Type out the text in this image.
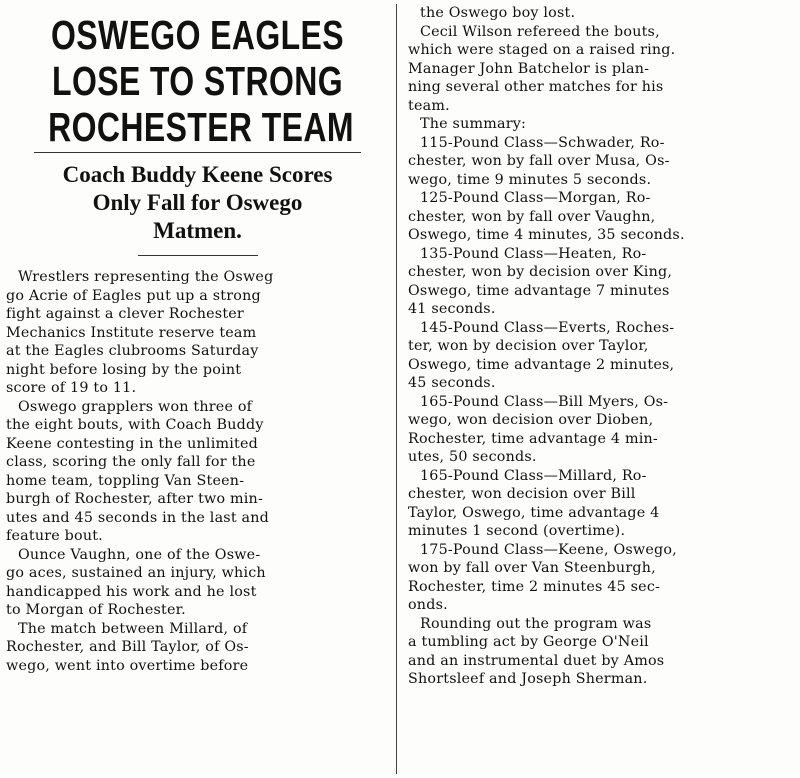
OSWEGO EAGLES
LOSE TO STRONG
ROCHESTER TEAM
Coach Buddy Keene Scores
Only Fall for Oswego
Matmen.

Wrestlers representing the Osweg
go Acrie of Eagles put up a strong
fight against a clever Rochester
Mechanics Institute reserve team
at the Eagles clubrooms Saturday
night before losing by the point
score of 19 to 11.

Oswego grapplers won three of
the eight bouts, with Coach Buddy
Keene contesting in the unlimited
class, scoring the only fall for the
home team, toppling Van Steen-
burgh of Rochester, after two min-
utes and 45 seconds in the last and
feature bout.

Ounce Vaughn, one of the Oswe-
go aces, sustained an injury, which
handicapped his work and he lost
to Morgan of Rochester.

The match between Millard, of
Rochester, and Bill Taylor, of Os-
wego, went into overtime before

the Oswego boy lost.

Cecil Wilson refereed the bouts,
which were staged on a raised ring.
Manager John Batchelor is plan-
ning several other matches for his
team.

The summary:

115-Pound Class—Schwader, Ro-
chester, won by fall over Musa, Os-
wego, time 9 minutes 5 seconds.

125-Pound Class—Morgan, Ro-
chester, won by fall over Vaughn,
Oswego, time 4 minutes, 35 seconds.

135-Pound Class—Heaten, Ro-
chester, won by decision over King,
Oswego, time advantage 7 minutes
41 seconds.

145-Pound Class—Everts, Roches-
ter, won by decision over Taylor,
Oswego, time advantage 2 minutes,
45 seconds.

165-Pound Class—Bill Myers, Os-
wego, won decision over Dioben,
Rochester, time advantage 4 min-
utes, 50 seconds.

165-Pound Class—Millard, Ro-
chester, won decision over Bill
Taylor, Oswego, time advantage 4
minutes 1 second (overtime).

175-Pound Class—Keene, Oswego,
won by fall over Van Steenburgh,
Rochester, time 2 minutes 45 sec-
onds.

Rounding out the program was
a tumbling act by George O'Neil
and an instrumental duet by Amos
Shortsleef and Joseph Sherman.
